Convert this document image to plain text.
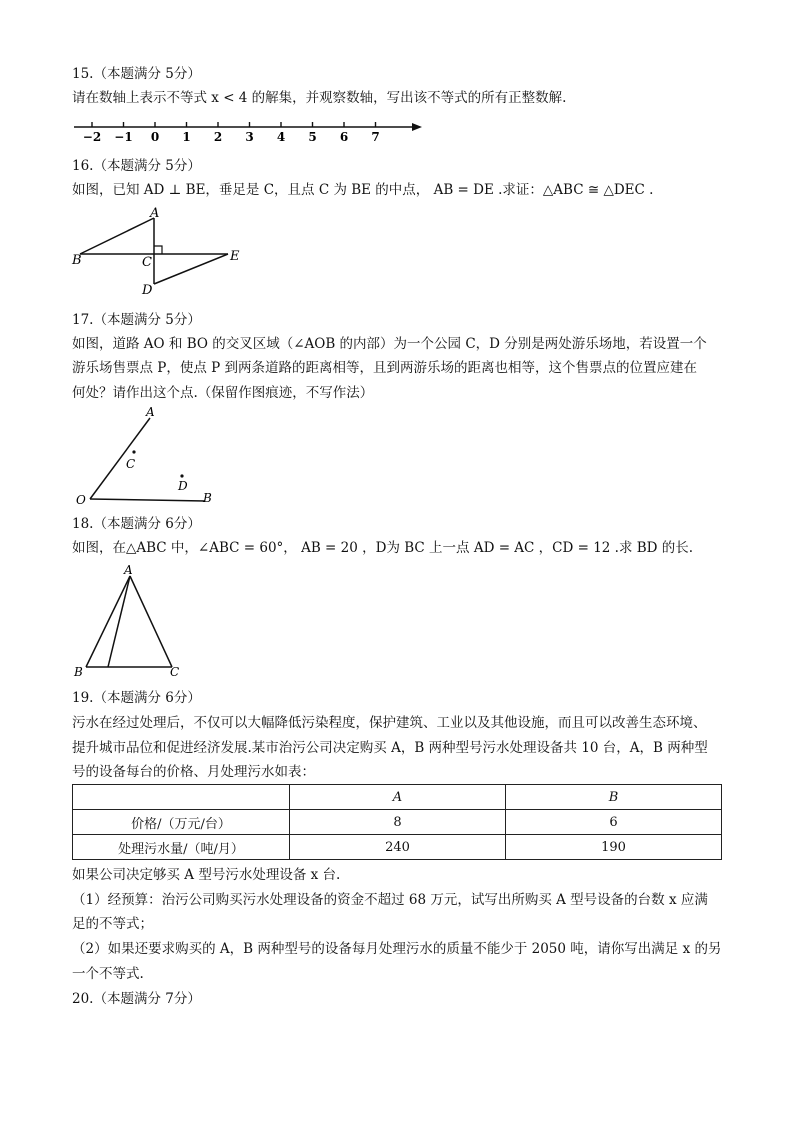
15.（本题满分 5分）
请在数轴上表示不等式 x < 4 的解集，并观察数轴，写出该不等式的所有正整数解.
−2 −1 0 1 2 3 4 5 6 7
16.（本题满分 5分）
如图，已知 AD ⊥ BE，垂足是 C，且点 C 为 BE 的中点， AB = DE .求证：△ABC ≅ △DEC .
A
B	C
D
E
17.（本题满分 5分）
如图，道路 AO 和 BO 的交叉区域（∠AOB 的内部）为一个公园 C，D 分别是两处游乐场地，若设置一个
游乐场售票点 P，使点 P 到两条道路的距离相等，且到两游乐场的距离也相等，这个售票点的位置应建在
何处？请作出这个点.（保留作图痕迹，不写作法）
A
C
D
O	B
18.（本题满分 6分）
如图，在△ABC 中，∠ABC = 60°， AB = 20 ，D为 BC 上一点 AD = AC ，CD = 12 .求 BD 的长.
A
B	C
19.（本题满分 6分）
污水在经过处理后，不仅可以大幅降低污染程度，保护建筑、工业以及其他设施，而且可以改善生态环境、
提升城市品位和促进经济发展.某市治污公司决定购买 A，B 两种型号污水处理设备共 10 台，A，B 两种型
号的设备每台的价格、月处理污水如表：
	A	B
价格/（万元/台）	8	6
处理污水量/（吨/月）	240	190
如果公司决定够买 A 型号污水处理设备 x 台.
（1）经预算：治污公司购买污水处理设备的资金不超过 68 万元，试写出所购买 A 型号设备的台数 x 应满
足的不等式；
（2）如果还要求购买的 A，B 两种型号的设备每月处理污水的质量不能少于 2050 吨，请你写出满足 x 的另
一个不等式.
20.（本题满分 7分）
